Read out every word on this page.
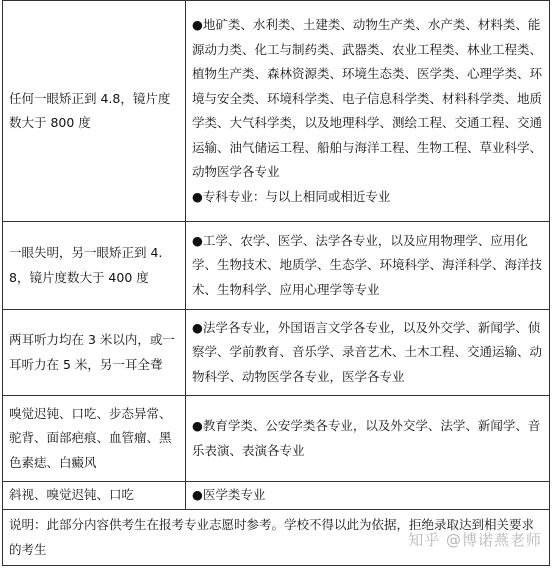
任何一眼矫正到 4.8，镜片度数大于 800 度	●地矿类、水利类、土建类、动物生产类、水产类、材料类、能源动力类、化工与制药类、武器类、农业工程类、林业工程类、植物生产类、森林资源类、环境生态类、医学类、心理学类、环境与安全类、环境科学类、电子信息科学类、材料科学类、地质学类、大气科学类，以及地理科学、测绘工程、交通工程、交通运输、油气储运工程、船舶与海洋工程、生物工程、草业科学、动物医学各专业
●专科专业：与以上相同或相近专业

一眼失明，另一眼矫正到 4.8，镜片度数大于 400 度	●工学、农学、医学、法学各专业，以及应用物理学、应用化学、生物技术、地质学、生态学、环境科学、海洋科学、海洋技术、生物科学、应用心理学等专业

两耳听力均在 3 米以内，或一耳听力在 5 米，另一耳全聋	●法学各专业，外国语言文学各专业，以及外交学、新闻学、侦察学、学前教育、音乐学、录音艺术、土木工程、交通运输、动物科学、动物医学各专业，医学各专业

嗅觉迟钝、口吃、步态异常、驼背、面部疤痕、血管瘤、黑色素痣、白癜风	●教育学类、公安学类各专业，以及外交学、法学、新闻学、音乐表演、表演各专业

斜视、嗅觉迟钝、口吃	●医学类专业

说明：此部分内容供考生在报考专业志愿时参考。学校不得以此为依据，拒绝录取达到相关要求的考生		知乎 @博诺燕老师
